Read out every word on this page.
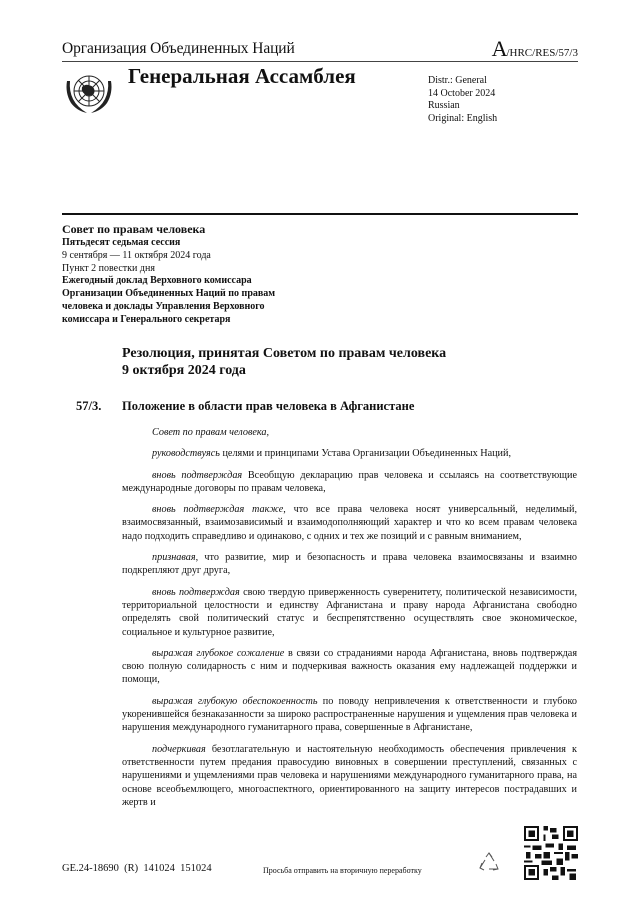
Организация Объединенных Наций	A/HRC/RES/57/3
Генеральная Ассамблея	Distr.: General
14 October 2024
Russian
Original: English
Совет по правам человека
Пятьдесят седьмая сессия
9 сентября — 11 октября 2024 года
Пункт 2 повестки дня
Ежегодный доклад Верховного комиссара
Организации Объединенных Наций по правам
человека и доклады Управления Верховного
комиссара и Генерального секретаря
Резолюция, принятая Советом по правам человека
9 октября 2024 года
57/3. Положение в области прав человека в Афганистане

Совет по правам человека,

руководствуясь целями и принципами Устава Организации Объединенных Наций,

вновь подтверждая Всеобщую декларацию прав человека и ссылаясь на соответствующие международные договоры по правам человека,

вновь подтверждая также, что все права человека носят универсальный, неделимый, взаимосвязанный, взаимозависимый и взаимодополняющий характер и что ко всем правам человека надо подходить справедливо и одинаково, с одних и тех же позиций и с равным вниманием,

признавая, что развитие, мир и безопасность и права человека взаимосвязаны и взаимно подкрепляют друг друга,

вновь подтверждая свою твердую приверженность суверенитету, политической независимости, территориальной целостности и единству Афганистана и праву народа Афганистана свободно определять свой политический статус и беспрепятственно осуществлять свое экономическое, социальное и культурное развитие,

выражая глубокое сожаление в связи со страданиями народа Афганистана, вновь подтверждая свою полную солидарность с ним и подчеркивая важность оказания ему надлежащей поддержки и помощи,

выражая глубокую обеспокоенность по поводу непривлечения к ответственности и глубоко укоренившейся безнаказанности за широко распространенные нарушения и ущемления прав человека и нарушения международного гуманитарного права, совершенные в Афганистане,

подчеркивая безотлагательную и настоятельную необходимость обеспечения привлечения к ответственности путем предания правосудию виновных в совершении преступлений, связанных с нарушениями и ущемлениями прав человека и нарушениями международного гуманитарного права, на основе всеобъемлющего, многоаспектного, ориентированного на защиту интересов пострадавших и жертв и

GE.24-18690  (R)  141024  151024	Просьба отправить на вторичную переработку
